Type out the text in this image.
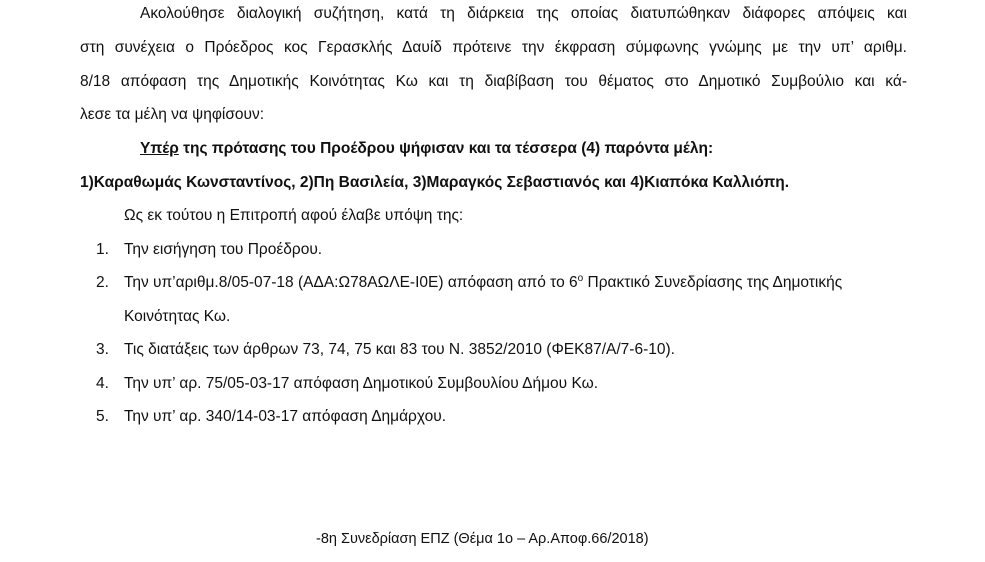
Ακολούθησε διαλογική συζήτηση, κατά τη διάρκεια της οποίας διατυπώθηκαν διάφορες απόψεις και
στη συνέχεια ο Πρόεδρος κος Γερασκλής Δαυίδ πρότεινε την έκφραση σύμφωνης γνώμης με την υπ’ αριθμ.
8/18 απόφαση της Δημοτικής Κοινότητας Κω και τη διαβίβαση του θέματος στο Δημοτικό Συμβούλιο και κά-
λεσε τα μέλη να ψηφίσουν:
Υπέρ της πρότασης του Προέδρου ψήφισαν και τα τέσσερα (4) παρόντα μέλη:
1)Καραθωμάς Κωνσταντίνος, 2)Πη Βασιλεία, 3)Μαραγκός Σεβαστιανός και 4)Κιαπόκα Καλλιόπη.
Ως εκ τούτου η Επιτροπή αφού έλαβε υπόψη της:
1. Την εισήγηση του Προέδρου.
2. Την υπ’αριθμ.8/05-07-18 (ΑΔΑ:Ω78ΑΩΛΕ-Ι0Ε) απόφαση από το $6^o$ Πρακτικό Συνεδρίασης της Δημοτικής
Κοινότητας Κω.
3. Τις διατάξεις των άρθρων 73, 74, 75 και 83 του Ν. 3852/2010 (ΦΕΚ87/Α/7-6-10).
4. Την υπ’ αρ. 75/05-03-17 απόφαση Δημοτικού Συμβουλίου Δήμου Κω.
5. Την υπ’ αρ. 340/14-03-17 απόφαση Δημάρχου.
-8η Συνεδρίαση ΕΠΖ (Θέμα 1ο – Αρ.Αποφ.66/2018)
